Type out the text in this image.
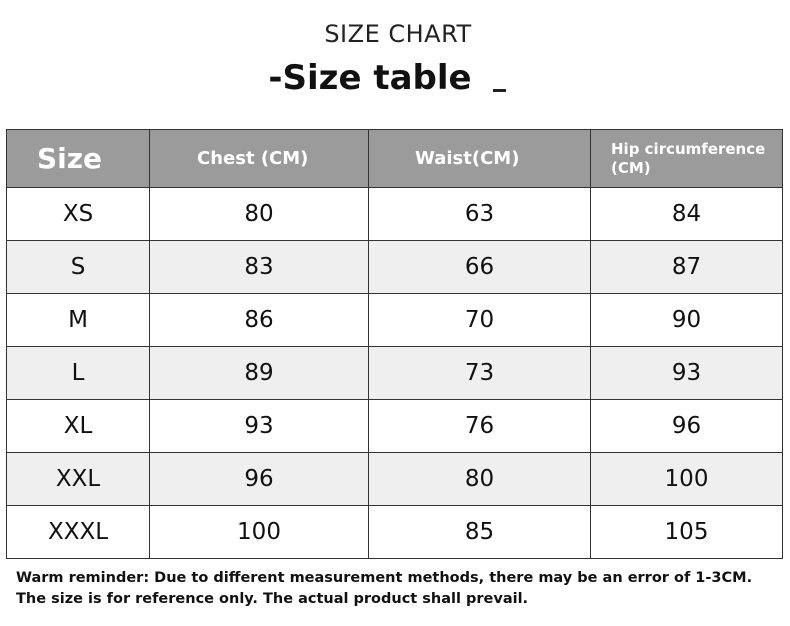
SIZE CHART
-Size table
Size	Chest (CM)	Waist(CM)	Hip circumference (CM)
XS	80	63	84
S	83	66	87
M	86	70	90
L	89	73	93
XL	93	76	96
XXL	96	80	100
XXXL	100	85	105
Warm reminder: Due to different measurement methods, there may be an error of 1-3CM. The size is for reference only. The actual product shall prevail.
